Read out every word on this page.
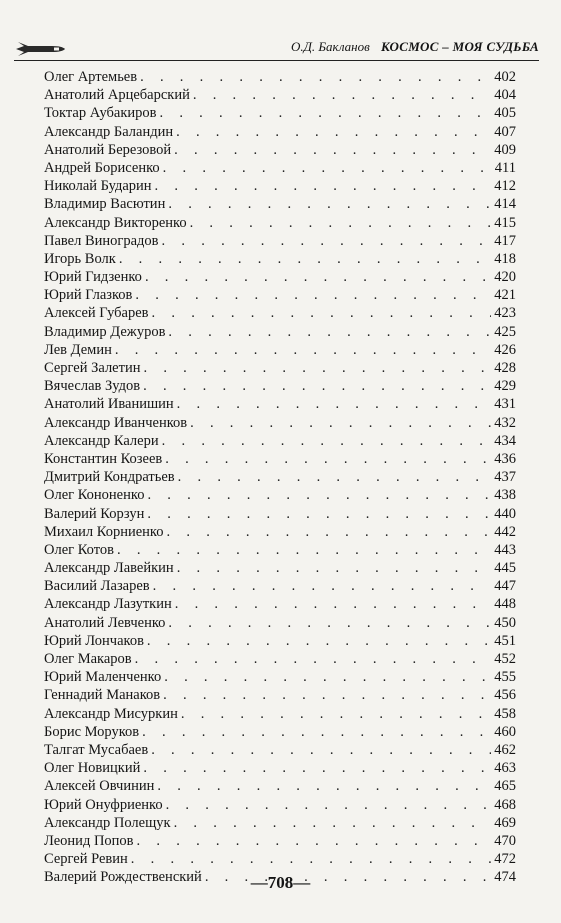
О.Д. Бакланов КОСМОС – МОЯ СУДЬБА
Олег Артемьев . . .	402
Анатолий Арцебарский . . .	404
Токтар Аубакиров . . .	405
Александр Баландин . . .	407
Анатолий Березовой . . .	409
Андрей Борисенко . . .	411
Николай Бударин . . .	412
Владимир Васютин . . .	414
Александр Викторенко . . .	415
Павел Виноградов . . .	417
Игорь Волк . . .	418
Юрий Гидзенко . . .	420
Юрий Глазков . . .	421
Алексей Губарев . . .	423
Владимир Дежуров . . .	425
Лев Демин . . .	426
Сергей Залетин . . .	428
Вячеслав Зудов . . .	429
Анатолий Иванишин . . .	431
Александр Иванченков . . .	432
Александр Калери . . .	434
Константин Козеев . . .	436
Дмитрий Кондратьев . . .	437
Олег Кононенко . . .	438
Валерий Корзун . . .	440
Михаил Корниенко . . .	442
Олег Котов . . .	443
Александр Лавейкин . . .	445
Василий Лазарев . . .	447
Александр Лазуткин . . .	448
Анатолий Левченко . . .	450
Юрий Лончаков . . .	451
Олег Макаров . . .	452
Юрий Маленченко . . .	455
Геннадий Манаков . . .	456
Александр Мисуркин . . .	458
Борис Моруков . . .	460
Талгат Мусабаев . . .	462
Олег Новицкий . . .	463
Алексей Овчинин . . .	465
Юрий Онуфриенко . . .	468
Александр Полещук . . .	469
Леонид Попов . . .	470
Сергей Ревин . . .	472
Валерий Рождественский . . .	474
—708—
